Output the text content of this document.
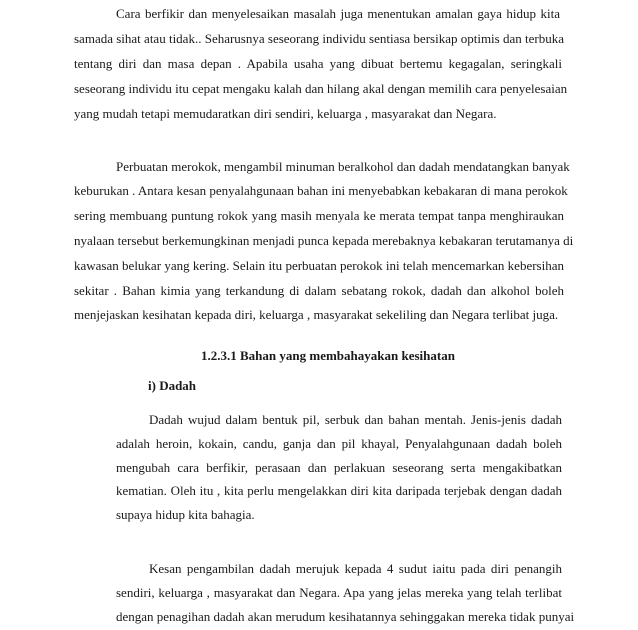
Cara berfikir dan menyelesaikan masalah juga menentukan amalan gaya hidup kita
samada sihat atau tidak.. Seharusnya seseorang individu sentiasa bersikap optimis dan terbuka
tentang diri dan masa depan . Apabila usaha yang dibuat bertemu kegagalan, seringkali
seseorang individu itu cepat mengaku kalah dan hilang akal dengan memilih cara penyelesaian
yang mudah tetapi memudaratkan diri sendiri, keluarga , masyarakat dan Negara.
Perbuatan merokok, mengambil minuman beralkohol dan dadah mendatangkan banyak
keburukan . Antara kesan penyalahgunaan bahan ini menyebabkan kebakaran di mana perokok
sering membuang puntung rokok yang masih menyala ke merata tempat tanpa menghiraukan
nyalaan tersebut berkemungkinan menjadi punca kepada merebaknya kebakaran terutamanya di
kawasan belukar yang kering. Selain itu perbuatan perokok ini telah mencemarkan kebersihan
sekitar . Bahan kimia yang terkandung di dalam sebatang rokok, dadah dan alkohol boleh
menjejaskan kesihatan kepada diri, keluarga , masyarakat sekeliling dan Negara terlibat juga.
1.2.3.1 Bahan yang membahayakan kesihatan
i) Dadah
Dadah wujud dalam bentuk pil, serbuk dan bahan mentah. Jenis-jenis dadah
adalah heroin, kokain, candu, ganja dan pil khayal, Penyalahgunaan dadah boleh
mengubah cara berfikir, perasaan dan perlakuan seseorang serta mengakibatkan
kematian. Oleh itu , kita perlu mengelakkan diri kita daripada terjebak dengan dadah
supaya hidup kita bahagia.
Kesan pengambilan dadah merujuk kepada 4 sudut iaitu pada diri penangih
sendiri, keluarga , masyarakat dan Negara. Apa yang jelas mereka yang telah terlibat
dengan penagihan dadah akan merudum kesihatannya sehinggakan mereka tidak punyai
